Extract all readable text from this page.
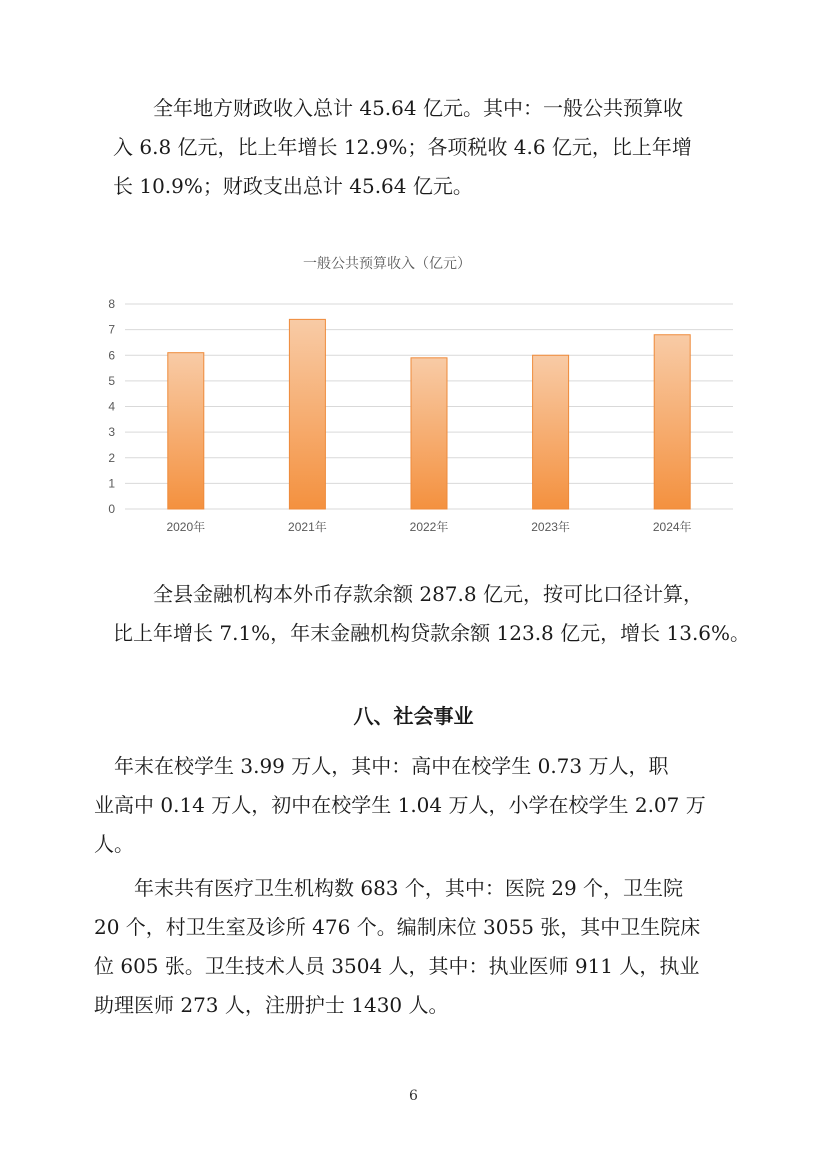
全年地方财政收入总计 45.64 亿元。其中：一般公共预算收
入 6.8 亿元，比上年增长 12.9%；各项税收 4.6 亿元，比上年增
长 10.9%；财政支出总计 45.64 亿元。

一般公共预算收入（亿元）
0
1
2
3
4
5
6
7
8
2020年	2021年	2022年	2023年	2024年

全县金融机构本外币存款余额 287.8 亿元，按可比口径计算，
比上年增长 7.1%，年末金融机构贷款余额 123.8 亿元，增长 13.6%。

八、社会事业

年末在校学生 3.99 万人，其中：高中在校学生 0.73 万人，职
业高中 0.14 万人，初中在校学生 1.04 万人，小学在校学生 2.07 万
人。

年末共有医疗卫生机构数 683 个，其中：医院 29 个，卫生院
20 个，村卫生室及诊所 476 个。编制床位 3055 张，其中卫生院床
位 605 张。卫生技术人员 3504 人，其中：执业医师 911 人，执业
助理医师 273 人，注册护士 1430 人。

6
